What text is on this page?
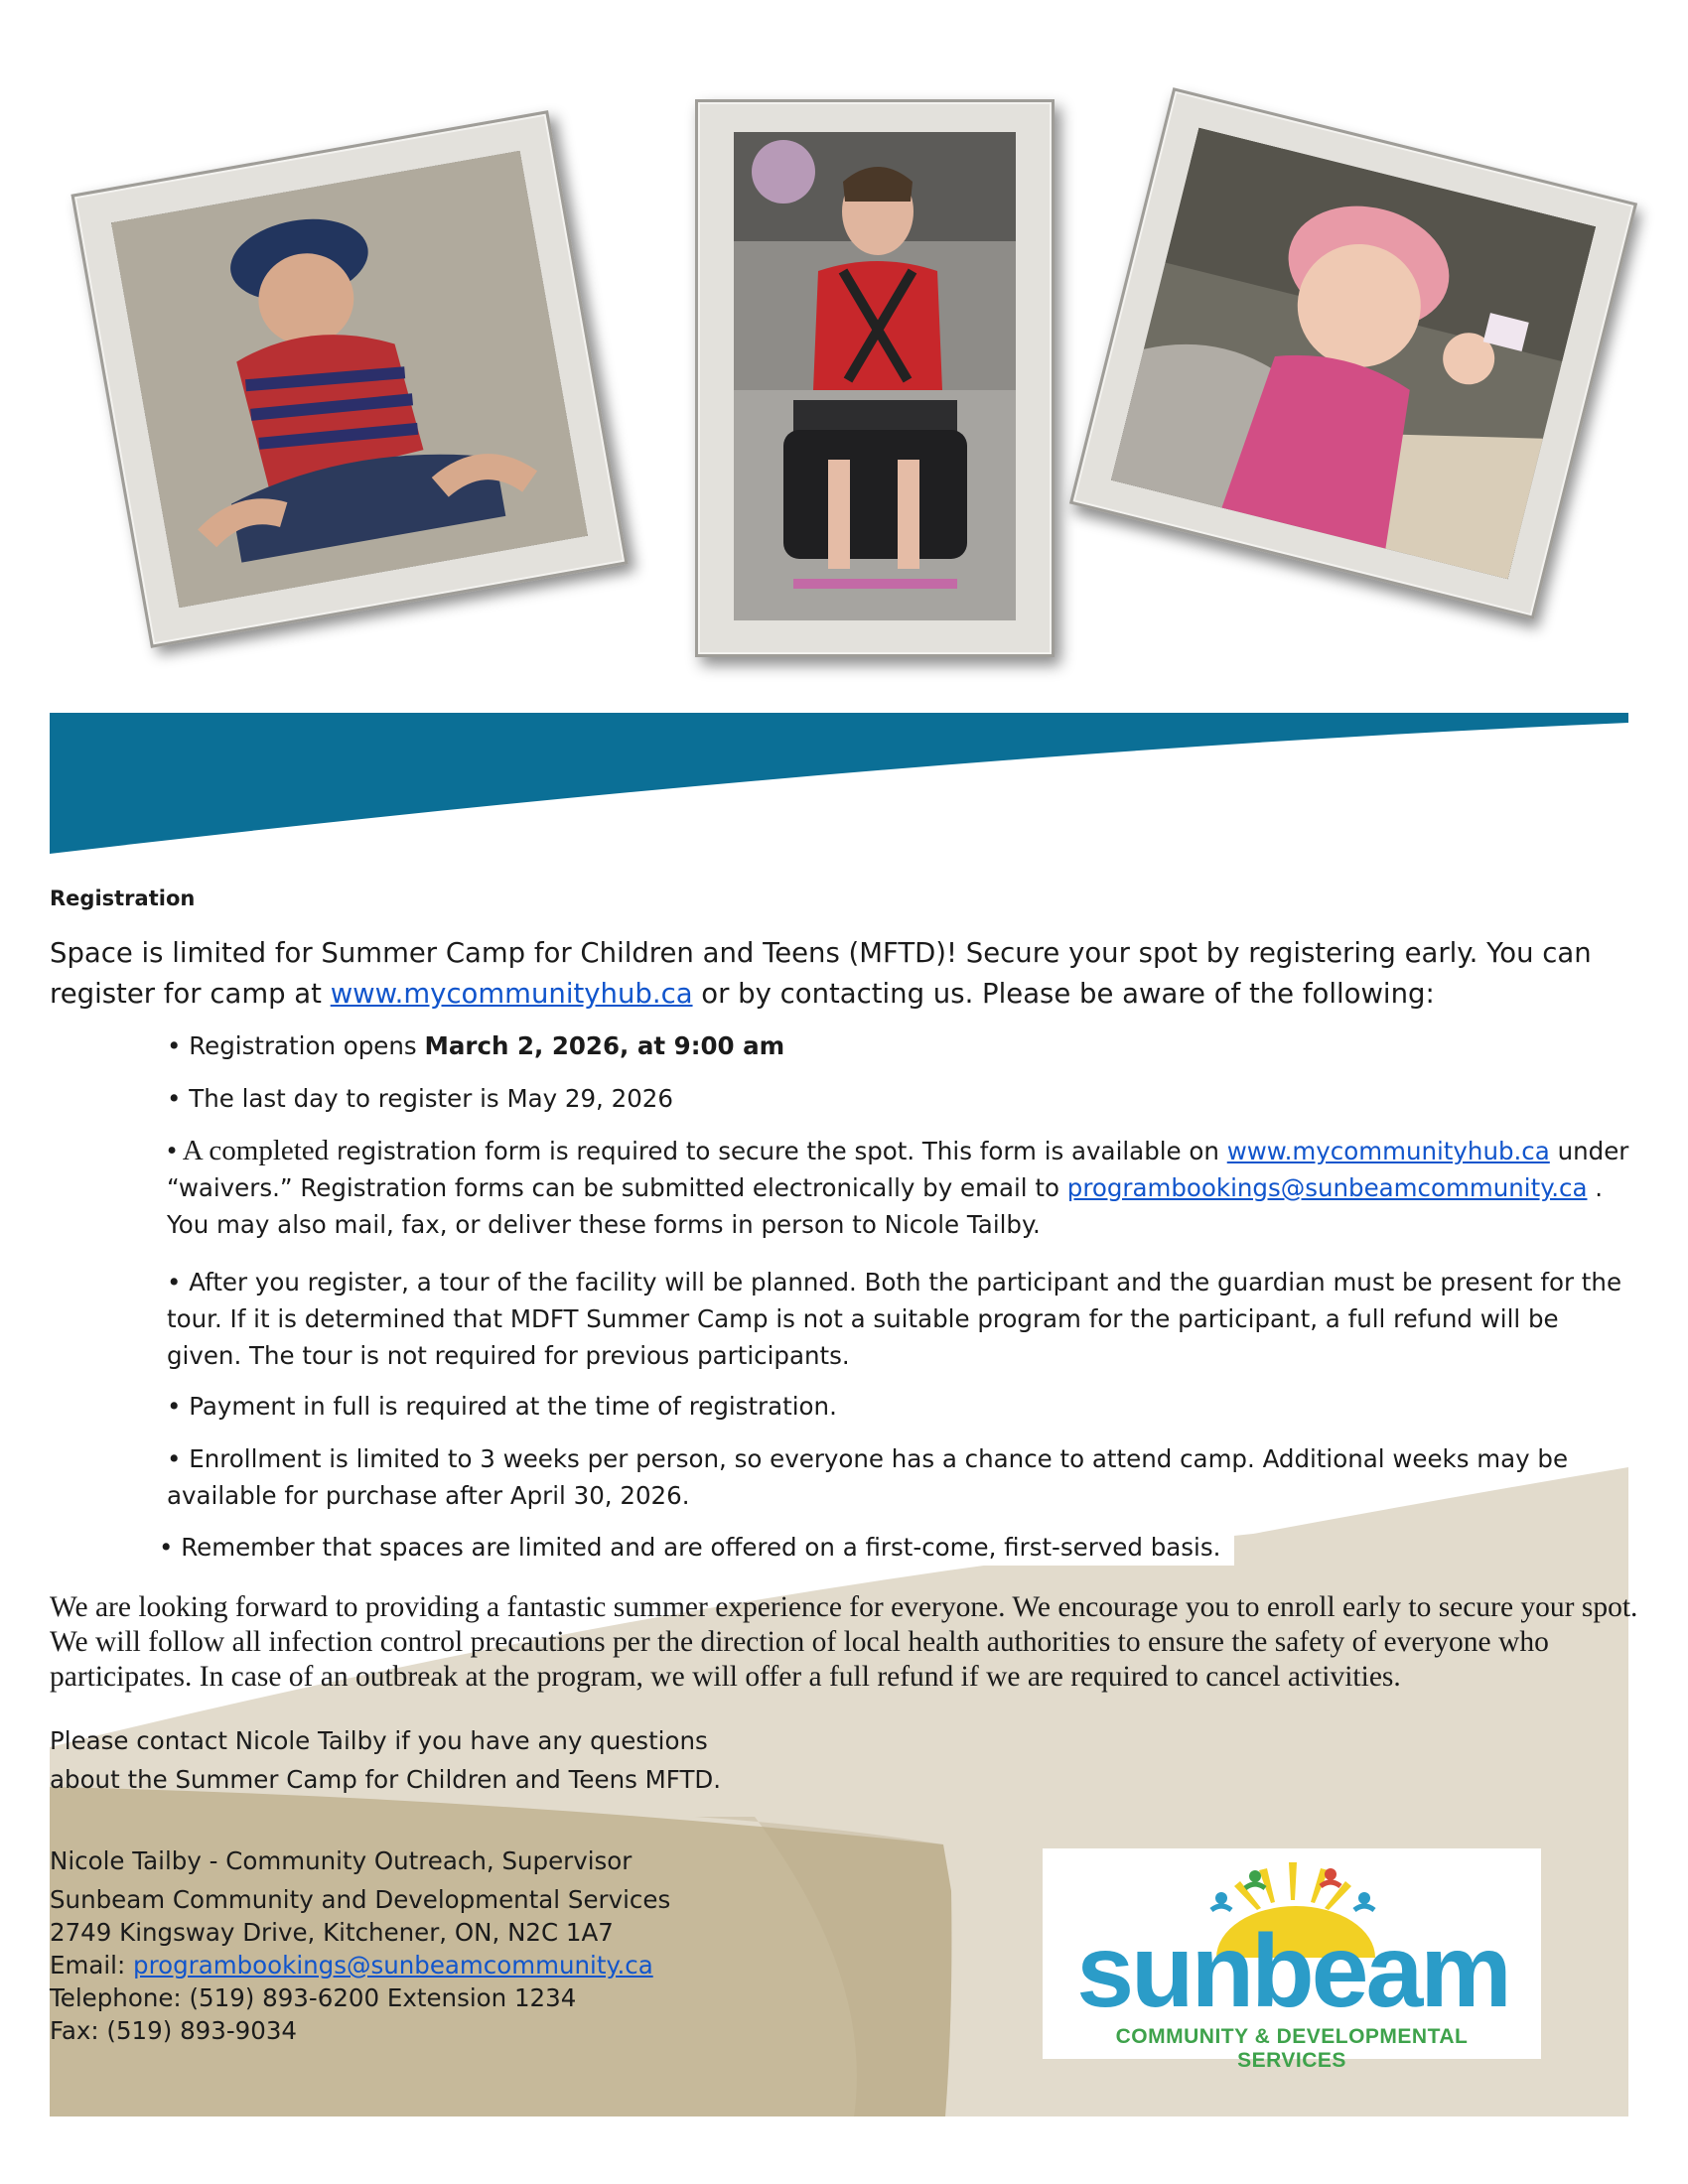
Registration
Space is limited for Summer Camp for Children and Teens (MFTD)! Secure your spot by registering early. You can register for camp at www.mycommunityhub.ca or by contacting us. Please be aware of the following:
• Registration opens March 2, 2026, at 9:00 am
• The last day to register is May 29, 2026
• A completed registration form is required to secure the spot. This form is available on www.mycommunityhub.ca under “waivers.” Registration forms can be submitted electronically by email to programbookings@sunbeamcommunity.ca . You may also mail, fax, or deliver these forms in person to Nicole Tailby.
• After you register, a tour of the facility will be planned. Both the participant and the guardian must be present for the tour. If it is determined that MDFT Summer Camp is not a suitable program for the participant, a full refund will be given. The tour is not required for previous participants.
• Payment in full is required at the time of registration.
• Enrollment is limited to 3 weeks per person, so everyone has a chance to attend camp. Additional weeks may be available for purchase after April 30, 2026.
• Remember that spaces are limited and are offered on a first-come, first-served basis.
We are looking forward to providing a fantastic summer experience for everyone. We encourage you to enroll early to secure your spot. We will follow all infection control precautions per the direction of local health authorities to ensure the safety of everyone who participates. In case of an outbreak at the program, we will offer a full refund if we are required to cancel activities.
Please contact Nicole Tailby if you have any questions
about the Summer Camp for Children and Teens MFTD.
Nicole Tailby - Community Outreach, Supervisor
Sunbeam Community and Developmental Services
2749 Kingsway Drive, Kitchener, ON, N2C 1A7
Email: programbookings@sunbeamcommunity.ca
Telephone: (519) 893-6200 Extension 1234
Fax: (519) 893-9034
sunbeam
COMMUNITY & DEVELOPMENTAL SERVICES
